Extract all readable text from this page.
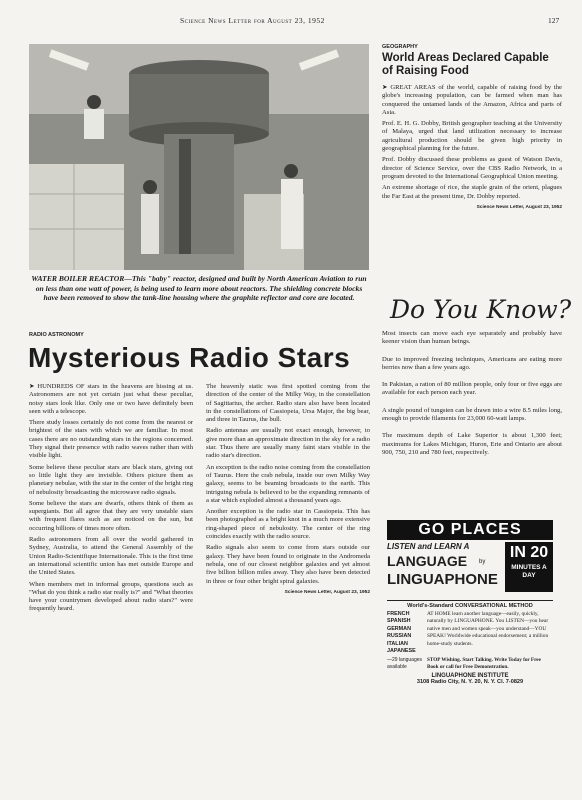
Science News Letter for August 23, 1952	127
WATER BOILER REACTOR—This "baby" reactor, designed and built by North American Aviation to run on less than one watt of power, is being used to learn more about reactors. The shielding concrete blocks have been removed to show the tank-line housing where the graphite reflector and core are located.
GEOGRAPHY
World Areas Declared Capable of Raising Food

➤ GREAT AREAS of the world, capable of raising food by the globe's increasing population, can be farmed when man has conquered the untamed lands of the Amazon, Africa and parts of Asia.

Prof. E. H. G. Dobby, British geographer teaching at the University of Malaya, urged that land utilization necessary to increase agricultural production should be given high priority in geographical planning for the future.

Prof. Dobby discussed these problems as guest of Watson Davis, director of Science Service, over the CBS Radio Network, in a program devoted to the International Geographical Union meeting.

An extreme shortage of rice, the staple grain of the orient, plagues the Far East at the present time, Dr. Dobby reported.

Science News Letter, August 23, 1952
Do You Know?

Most insects can move each eye separately and probably have keener vision than human beings.

Due to improved freezing techniques, Americans are eating more berries now than a few years ago.

In Pakistan, a ration of 80 million people, only four or five eggs are available for each person each year.

A single pound of tungsten can be drawn into a wire 8.5 miles long, enough to provide filaments for 23,000 60-watt lamps.

The maximum depth of Lake Superior is about 1,300 feet; maximums for Lakes Michigan, Huron, Erie and Ontario are about 900, 750, 210 and 780 feet, respectively.

GO PLACES
LISTEN and LEARN A
LANGUAGE by
LINGUAPHONE
IN 20
MINUTES A DAY
World's-Standard CONVERSATIONAL METHOD
FRENCH
SPANISH
GERMAN
RUSSIAN
ITALIAN
JAPANESE
AT HOME learn another language—easily, quickly, naturally by LINGUAPHONE. You LISTEN—you hear native men and women speak—you understand—YOU SPEAK! Worldwide educational endorsement; a million home-study students.
—29 languages available
STOP Wishing. Start Talking. Write Today for Free Book or call for Free Demonstration.
LINGUAPHONE INSTITUTE
3108 Radio City, N. Y. 20, N. Y. Cl. 7-0829
RADIO ASTRONOMY
Mysterious Radio Stars

➤ HUNDREDS OF stars in the heavens are hissing at us. Astronomers are not yet certain just what these peculiar, noisy stars look like. Only one or two have definitely been seen with a telescope.

There study losses certainly do not come from the nearest or brightest of the stars with which we are familiar. In most cases there are no outstanding stars in the regions concerned. They signal their presence with radio waves rather than with visible light.

Some believe these peculiar stars are black stars, giving out so little light they are invisible. Others picture them as planetary nebulae, with the star in the center of the bright ring of nebulosity broadcasting the microwave radio signals.

Some believe the stars are dwarfs, others think of them as supergiants. But all agree that they are very unstable stars with frequent flares such as are noticed on the sun, but occurring billions of times more often.

Radio astronomers from all over the world gathered in Sydney, Australia, to attend the General Assembly of the Union Radio-Scientifique Internationale. This is the first time an international scientific union has met outside Europe and the United States.

When members met in informal groups, questions such as "What do you think a radio star really is?" and "What theories have your countrymen developed about radio stars?" were frequently heard.

The heavenly static was first spotted coming from the direction of the center of the Milky Way, in the constellation of Sagittarius, the archer. Radio stars also have been located in the constellations of Cassiopeia, Ursa Major, the big bear, and three in Taurus, the bull.

Radio antennas are usually not exact enough, however, to give more than an approximate direction in the sky for a radio star. Thus there are usually many faint stars visible in the radio star's direction.

An exception is the radio noise coming from the constellation of Taurus. Here the crab nebula, inside our own Milky Way galaxy, seems to be beaming broadcasts to the earth. This intriguing nebula is believed to be the expanding remnants of a star which exploded almost a thousand years ago.

Another exception is the radio star in Cassiopeia. This has been photographed as a bright knot in a much more extensive ring-shaped piece of nebulosity. The center of the ring coincides exactly with the radio source.

Radio signals also seem to come from stars outside our galaxy. They have been found to originate in the Andromeda nebula, one of our closest neighbor galaxies and yet almost five billion billion miles away. They also have been detected in three or four other bright spiral galaxies.

Science News Letter, August 23, 1952
